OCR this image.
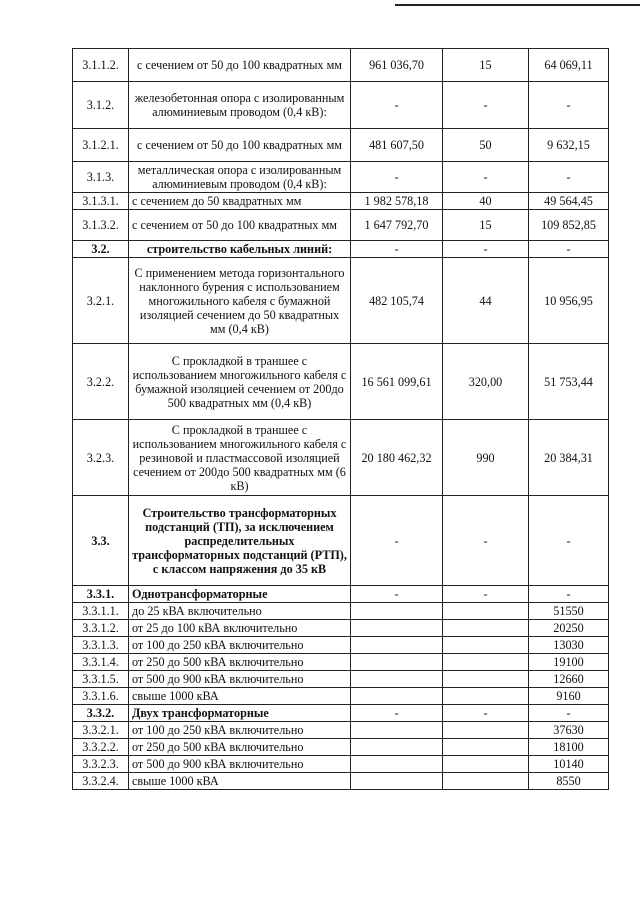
3.1.1.2.	с сечением от 50 до 100 квадратных мм	961 036,70	15	64 069,11
3.1.2.	железобетонная опора с изолированным алюминиевым проводом (0,4 кВ):	-	-	-
3.1.2.1.	с сечением от 50 до 100 квадратных мм	481 607,50	50	9 632,15
3.1.3.	металлическая опора с изолированным алюминиевым проводом (0,4 кВ):	-	-	-
3.1.3.1.	с сечением до 50 квадратных мм	1 982 578,18	40	49 564,45
3.1.3.2.	с сечением от 50 до 100 квадратных мм	1 647 792,70	15	109 852,85
3.2.	строительство кабельных линий:	-	-	-
3.2.1.	С применением метода горизонтального наклонного бурения с использованием многожильного кабеля с бумажной изоляцией сечением до 50 квадратных мм (0,4 кВ)	482 105,74	44	10 956,95
3.2.2.	С прокладкой в траншее с использованием многожильного кабеля с бумажной изоляцией сечением от 200до 500 квадратных мм (0,4 кВ)	16 561 099,61	320,00	51 753,44
3.2.3.	С прокладкой в траншее с использованием многожильного кабеля с резиновой и пластмассовой изоляцией сечением от 200до 500 квадратных мм (6 кВ)	20 180 462,32	990	20 384,31
3.3.	Строительство трансформаторных подстанций (ТП), за исключением распределительных трансформаторных подстанций (РТП), с классом напряжения до 35 кВ	-	-	-
3.3.1.	Однотрансформаторные	-	-	-
3.3.1.1.	до 25 кВА включительно			51550
3.3.1.2.	от 25 до 100 кВА включительно			20250
3.3.1.3.	от 100 до 250 кВА включительно			13030
3.3.1.4.	от 250 до 500 кВА включительно			19100
3.3.1.5.	от 500 до 900 кВА включительно			12660
3.3.1.6.	свыше 1000 кВА			9160
3.3.2.	Двух трансформаторные	-	-	-
3.3.2.1.	от 100 до 250 кВА включительно			37630
3.3.2.2.	от 250 до 500 кВА включительно			18100
3.3.2.3.	от 500 до 900 кВА включительно			10140
3.3.2.4.	свыше 1000 кВА			8550
